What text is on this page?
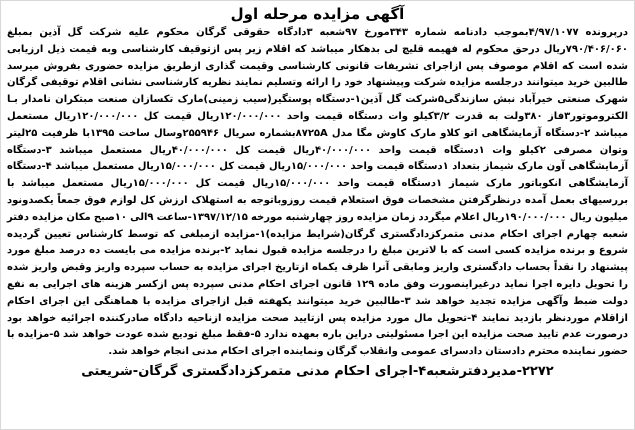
آگهی مزایده مرحله اول
درپرونده ۴/۹۷/۱۰۷۷بموجب دادنامه شماره ۳۴۳مورخ ۹۷شعبه ۳دادگاه حقوقی گرگان محکوم علیه شرکت گل آذین بمبلغ ۷۹۰/۴۰۶/۰۶۰ریال درحق محکوم له فهیمه قلیچ لی بدهکار میباشد که اقلام زیر پس ازتوقیف کارشناسی وبه قیمت ذیل ارزیابی شده است که اقلام موصوف پس ازاجرای تشریفات قانونی کارشناسی وقیمت گذاری ازطریق مزایده حضوری بفروش میرسد طالبین خرید میتوانند درجلسه مزایده شرکت وپیشنهاد خود را ارائه وتسلیم نمایند نظریه کارشناسی نشانی اقلام توقیفی گرگان شهرک صنعتی خیرآباد نبش سازندگی۵شرکت گل آذین۱-دستگاه پوستگیر(سیب زمینی)مارک تکسازان صنعت مبتکران نامدار بـا الکتروموتور۳فاز ۳۸۰ولت به قدرت ۳/۲کیلو وات دستگاه قیمت واحد ۱۲۰/۰۰۰/۰۰۰ریال قیمت کل ۱۲۰/۰۰۰/۰۰۰ریال مستعمل میباشد ۲-دستگاه آزمایشگاهی اتو کلاو مارک کاوش مگا مدل ۸۷۲۵Aبشماره سریال ۲۵۵۹۴۶وسال ساخت ۱۳۹۵با ظرفیت ۲۵لیتر وتوان مصرفی ۲کیلو وات ۱دستگاه قیمت واحد ۴۰/۰۰۰/۰۰۰ریال قیمت کل ۴۰/۰۰۰/۰۰۰ریال مستعمل میباشد ۳-دستگاه آزمایشگاهی آون مارک شیماز بتعداد ۱دستگاه قیمت واحد ۱۵/۰۰۰/۰۰۰ریال قیمت کل ۱۵/۰۰۰/۰۰۰ریال مستعمل میباشد ۴-دستگاه آزمایشگاهی انکوباتور مارک شیماز ۱دستگاه قیمت واحد ۱۵/۰۰۰/۰۰۰ریال قیمت کل ۱۵/۰۰۰/۰۰۰ریال مستعمل میباشد با بررسیهای بعمل آمده درنظرگرفتن مشخصات فوق استعلام قیمت روزوباتوجه به استهلاک ارزش کل لوازم فوق جمعاً یکصدونود میلیون ریال ۱۹۰/۰۰۰/۰۰۰ریال اعلام میگردد زمان مزایده روز چهارشنبه مورخه ۱۳۹۷/۱۲/۱۵-ساعت ۹الی ۱۰صبح مکان مزایده دفتر شعبه چهارم اجرای احکام مدنی متمرکزدادگستری گرگان(شرایط مزایده)۱-مزایده ازمبلغی که توسط کارشناس تعیین گردیده شروع و برنده مزایده کسی است که با لاترین مبلغ را درجلسه مزایده قبول نماید ۲-برنده مزایده می بایست ده درصد مبلغ مورد پیشنهاد را نقداً بحساب دادگستری واریز ومابقی آنرا ظرف یکماه ازتاریخ اجرای مزایده به حساب سپرده واریز وقبض واریز شده را تحویل دایره اجرا نماید درغیراینصورت وفق ماده ۱۲۹ قانون اجرای احکام مدنی سپرده پس ازکسر هزینه های اجرایی به نفع دولت ضبط وآگهی مزایده تجدید خواهد شد ۳-طالبین خرید میتوانند یکهفته قبل ازاجرای مزایده با هماهنگی این اجرای احکام ازاقلام موردنظر بازدید نمایند ۴-تحویل مال مورد مزایده پس ازتایید صحت مزایده ازناحیه دادگاه صادرکننده اجرائیه خواهد بود درصورت عدم تایید صحت مزایده این اجرا مسئولیتی دراین باره بعهده ندارد ۵-فقط مبلغ تودیع شده عودت خواهد شد ۵-مزایده با حضور نماینده محترم دادستان دادسرای عمومی وانقلاب گرگان ونماینده اجرای احکام مدنی انجام خواهد شد.
۲۲۷۲-مدیردفترشعبه۴-اجرای احکام مدنی متمرکزدادگستری گرگان-شریعتی
